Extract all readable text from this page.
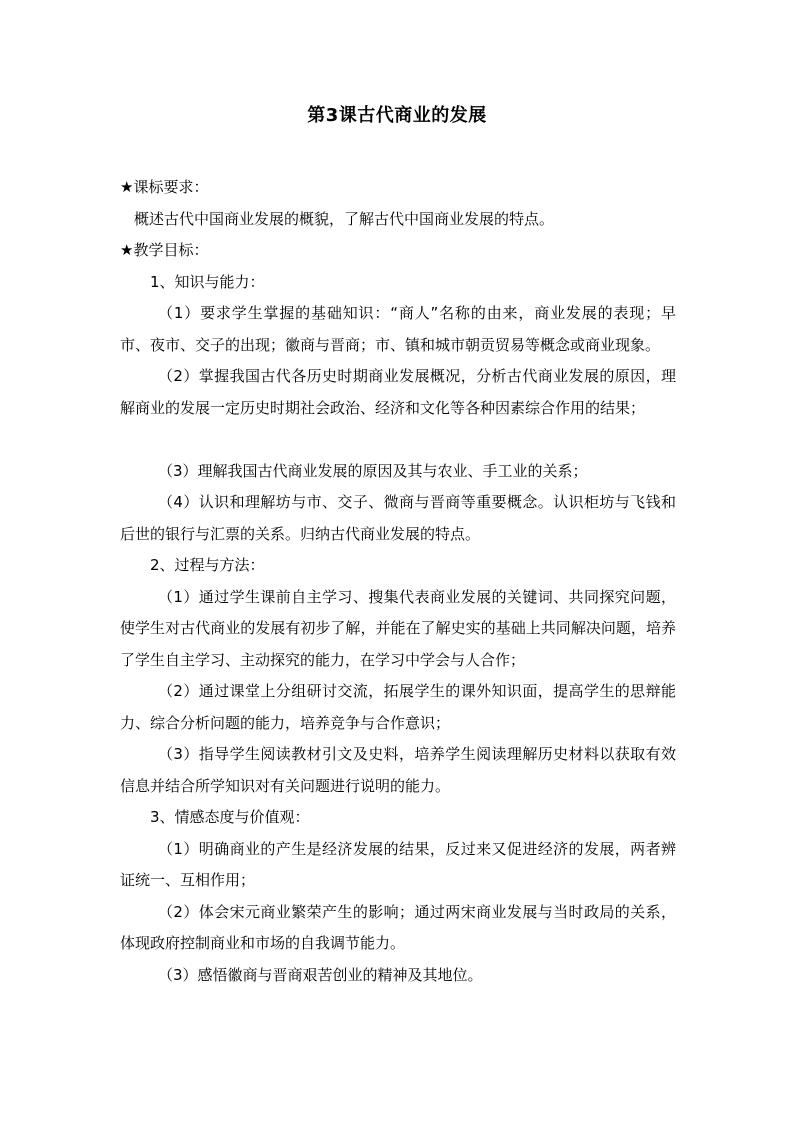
第3课古代商业的发展

★课标要求：

概述古代中国商业发展的概貌，了解古代中国商业发展的特点。

★教学目标：

1、知识与能力：

（1）要求学生掌握的基础知识：“商人”名称的由来，商业发展的表现；早市、夜市、交子的出现；徽商与晋商；市、镇和城市朝贡贸易等概念或商业现象。

（2）掌握我国古代各历史时期商业发展概况，分析古代商业发展的原因，理解商业的发展一定历史时期社会政治、经济和文化等各种因素综合作用的结果；

（3）理解我国古代商业发展的原因及其与农业、手工业的关系；

（4）认识和理解坊与市、交子、微商与晋商等重要概念。认识柜坊与飞钱和后世的银行与汇票的关系。归纳古代商业发展的特点。

2、过程与方法：

（1）通过学生课前自主学习、搜集代表商业发展的关键词、共同探究问题，使学生对古代商业的发展有初步了解，并能在了解史实的基础上共同解决问题，培养了学生自主学习、主动探究的能力，在学习中学会与人合作；

（2）通过课堂上分组研讨交流，拓展学生的课外知识面，提高学生的思辩能力、综合分析问题的能力，培养竞争与合作意识；

（3）指导学生阅读教材引文及史料，培养学生阅读理解历史材料以获取有效信息并结合所学知识对有关问题进行说明的能力。

3、情感态度与价值观：

（1）明确商业的产生是经济发展的结果，反过来又促进经济的发展，两者辨证统一、互相作用；

（2）体会宋元商业繁荣产生的影响；通过两宋商业发展与当时政局的关系，体现政府控制商业和市场的自我调节能力。

（3）感悟徽商与晋商艰苦创业的精神及其地位。
